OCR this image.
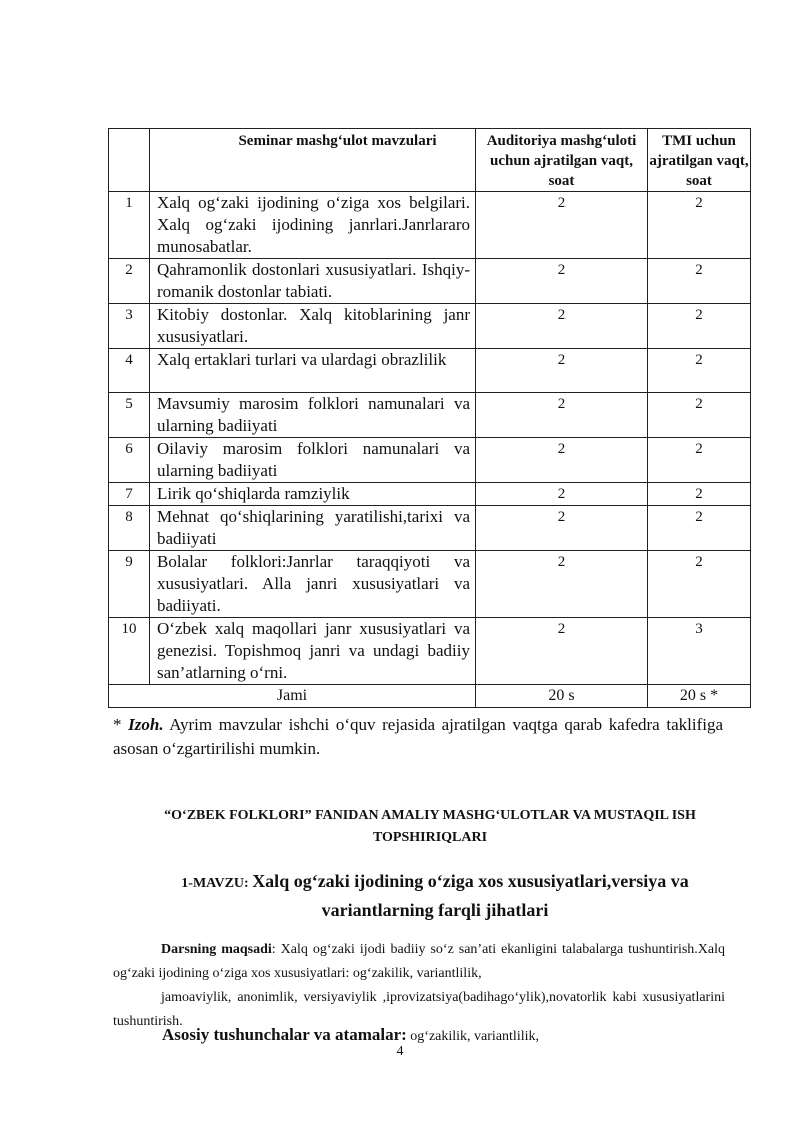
	Seminar mashg‘ulot mavzulari	Auditoriya mashg‘uloti uchun ajratilgan vaqt, soat	TMI uchun ajratilgan vaqt, soat
1	Xalq og‘zaki ijodining o‘ziga xos belgilari. Xalq og‘zaki ijodining janrlari.Janrlararo munosabatlar.	2	2
2	Qahramonlik dostonlari xususiyatlari. Ishqiy-romanik dostonlar tabiati.	2	2
3	Kitobiy dostonlar. Xalq kitoblarining janr xususiyatlari.	2	2
4	Xalq ertaklari turlari va ulardagi obrazlilik	2	2
5	Mavsumiy marosim folklori namunalari va ularning badiiyati	2	2
6	Oilaviy marosim folklori namunalari va ularning badiiyati	2	2
7	Lirik qo‘shiqlarda ramziylik	2	2
8	Mehnat qo‘shiqlarining yaratilishi,tarixi va badiiyati	2	2
9	Bolalar folklori:Janrlar taraqqiyoti va xususiyatlari. Alla janri xususiyatlari va badiiyati.	2	2
10	O‘zbek xalq maqollari janr xususiyatlari va genezisi. Topishmoq janri va undagi badiiy san’atlarning o‘rni.	2	3
Jami		20 s	20 s *
* Izoh. Ayrim mavzular ishchi o‘quv rejasida ajratilgan vaqtga qarab kafedra taklifiga asosan o‘zgartirilishi mumkin.
“O‘ZBEK FOLKLORI” FANIDAN AMALIY MASHG‘ULOTLAR VA MUSTAQIL ISH TOPSHIRIQLARI
1-MAVZU: Xalq og‘zaki ijodining o‘ziga xos xususiyatlari,versiya va variantlarning farqli jihatlari
Darsning maqsadi: Xalq og‘zaki ijodi badiiy so‘z san’ati ekanligini talabalarga tushuntirish.Xalq og‘zaki ijodining o‘ziga xos xususiyatlari: og‘zakilik, variantlilik,
jamoaviylik, anonimlik, versiyaviylik ,iprovizatsiya(badihago‘ylik),novatorlik kabi xususiyatlarini tushuntirish.
Asosiy tushunchalar va atamalar: og‘zakilik, variantlilik,
4
